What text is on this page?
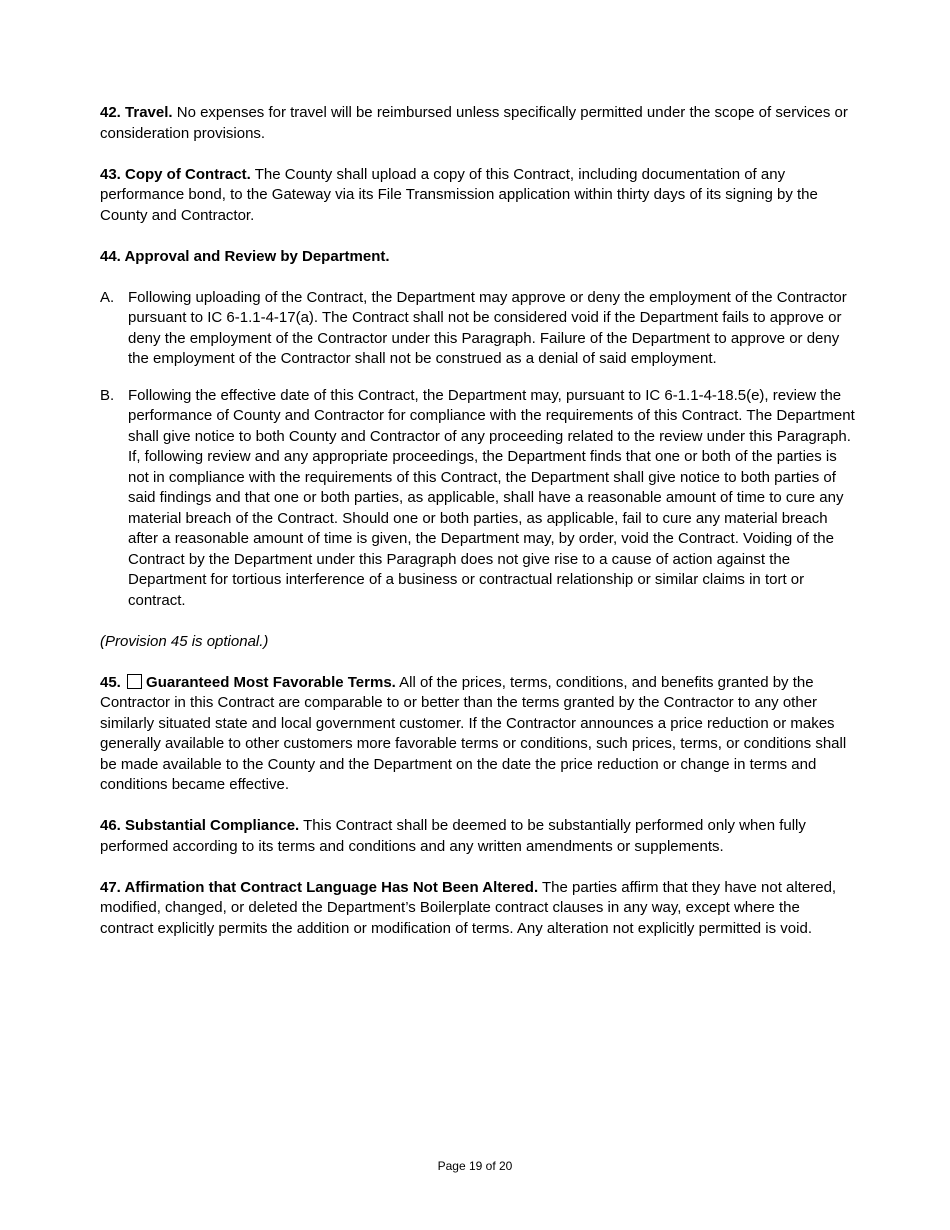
42. Travel. No expenses for travel will be reimbursed unless specifically permitted under the scope of services or consideration provisions.

43. Copy of Contract. The County shall upload a copy of this Contract, including documentation of any performance bond, to the Gateway via its File Transmission application within thirty days of its signing by the County and Contractor.

44. Approval and Review by Department.

A. Following uploading of the Contract, the Department may approve or deny the employment of the Contractor pursuant to IC 6-1.1-4-17(a). The Contract shall not be considered void if the Department fails to approve or deny the employment of the Contractor under this Paragraph. Failure of the Department to approve or deny the employment of the Contractor shall not be construed as a denial of said employment.
B. Following the effective date of this Contract, the Department may, pursuant to IC 6-1.1-4-18.5(e), review the performance of County and Contractor for compliance with the requirements of this Contract. The Department shall give notice to both County and Contractor of any proceeding related to the review under this Paragraph. If, following review and any appropriate proceedings, the Department finds that one or both of the parties is not in compliance with the requirements of this Contract, the Department shall give notice to both parties of said findings and that one or both parties, as applicable, shall have a reasonable amount of time to cure any material breach of the Contract. Should one or both parties, as applicable, fail to cure any material breach after a reasonable amount of time is given, the Department may, by order, void the Contract. Voiding of the Contract by the Department under this Paragraph does not give rise to a cause of action against the Department for tortious interference of a business or contractual relationship or similar claims in tort or contract.

(Provision 45 is optional.)

45. Guaranteed Most Favorable Terms. All of the prices, terms, conditions, and benefits granted by the Contractor in this Contract are comparable to or better than the terms granted by the Contractor to any other similarly situated state and local government customer. If the Contractor announces a price reduction or makes generally available to other customers more favorable terms or conditions, such prices, terms, or conditions shall be made available to the County and the Department on the date the price reduction or change in terms and conditions became effective.

46. Substantial Compliance. This Contract shall be deemed to be substantially performed only when fully performed according to its terms and conditions and any written amendments or supplements.

47. Affirmation that Contract Language Has Not Been Altered. The parties affirm that they have not altered, modified, changed, or deleted the Department’s Boilerplate contract clauses in any way, except where the contract explicitly permits the addition or modification of terms. Any alteration not explicitly permitted is void.

Page 19 of 20
